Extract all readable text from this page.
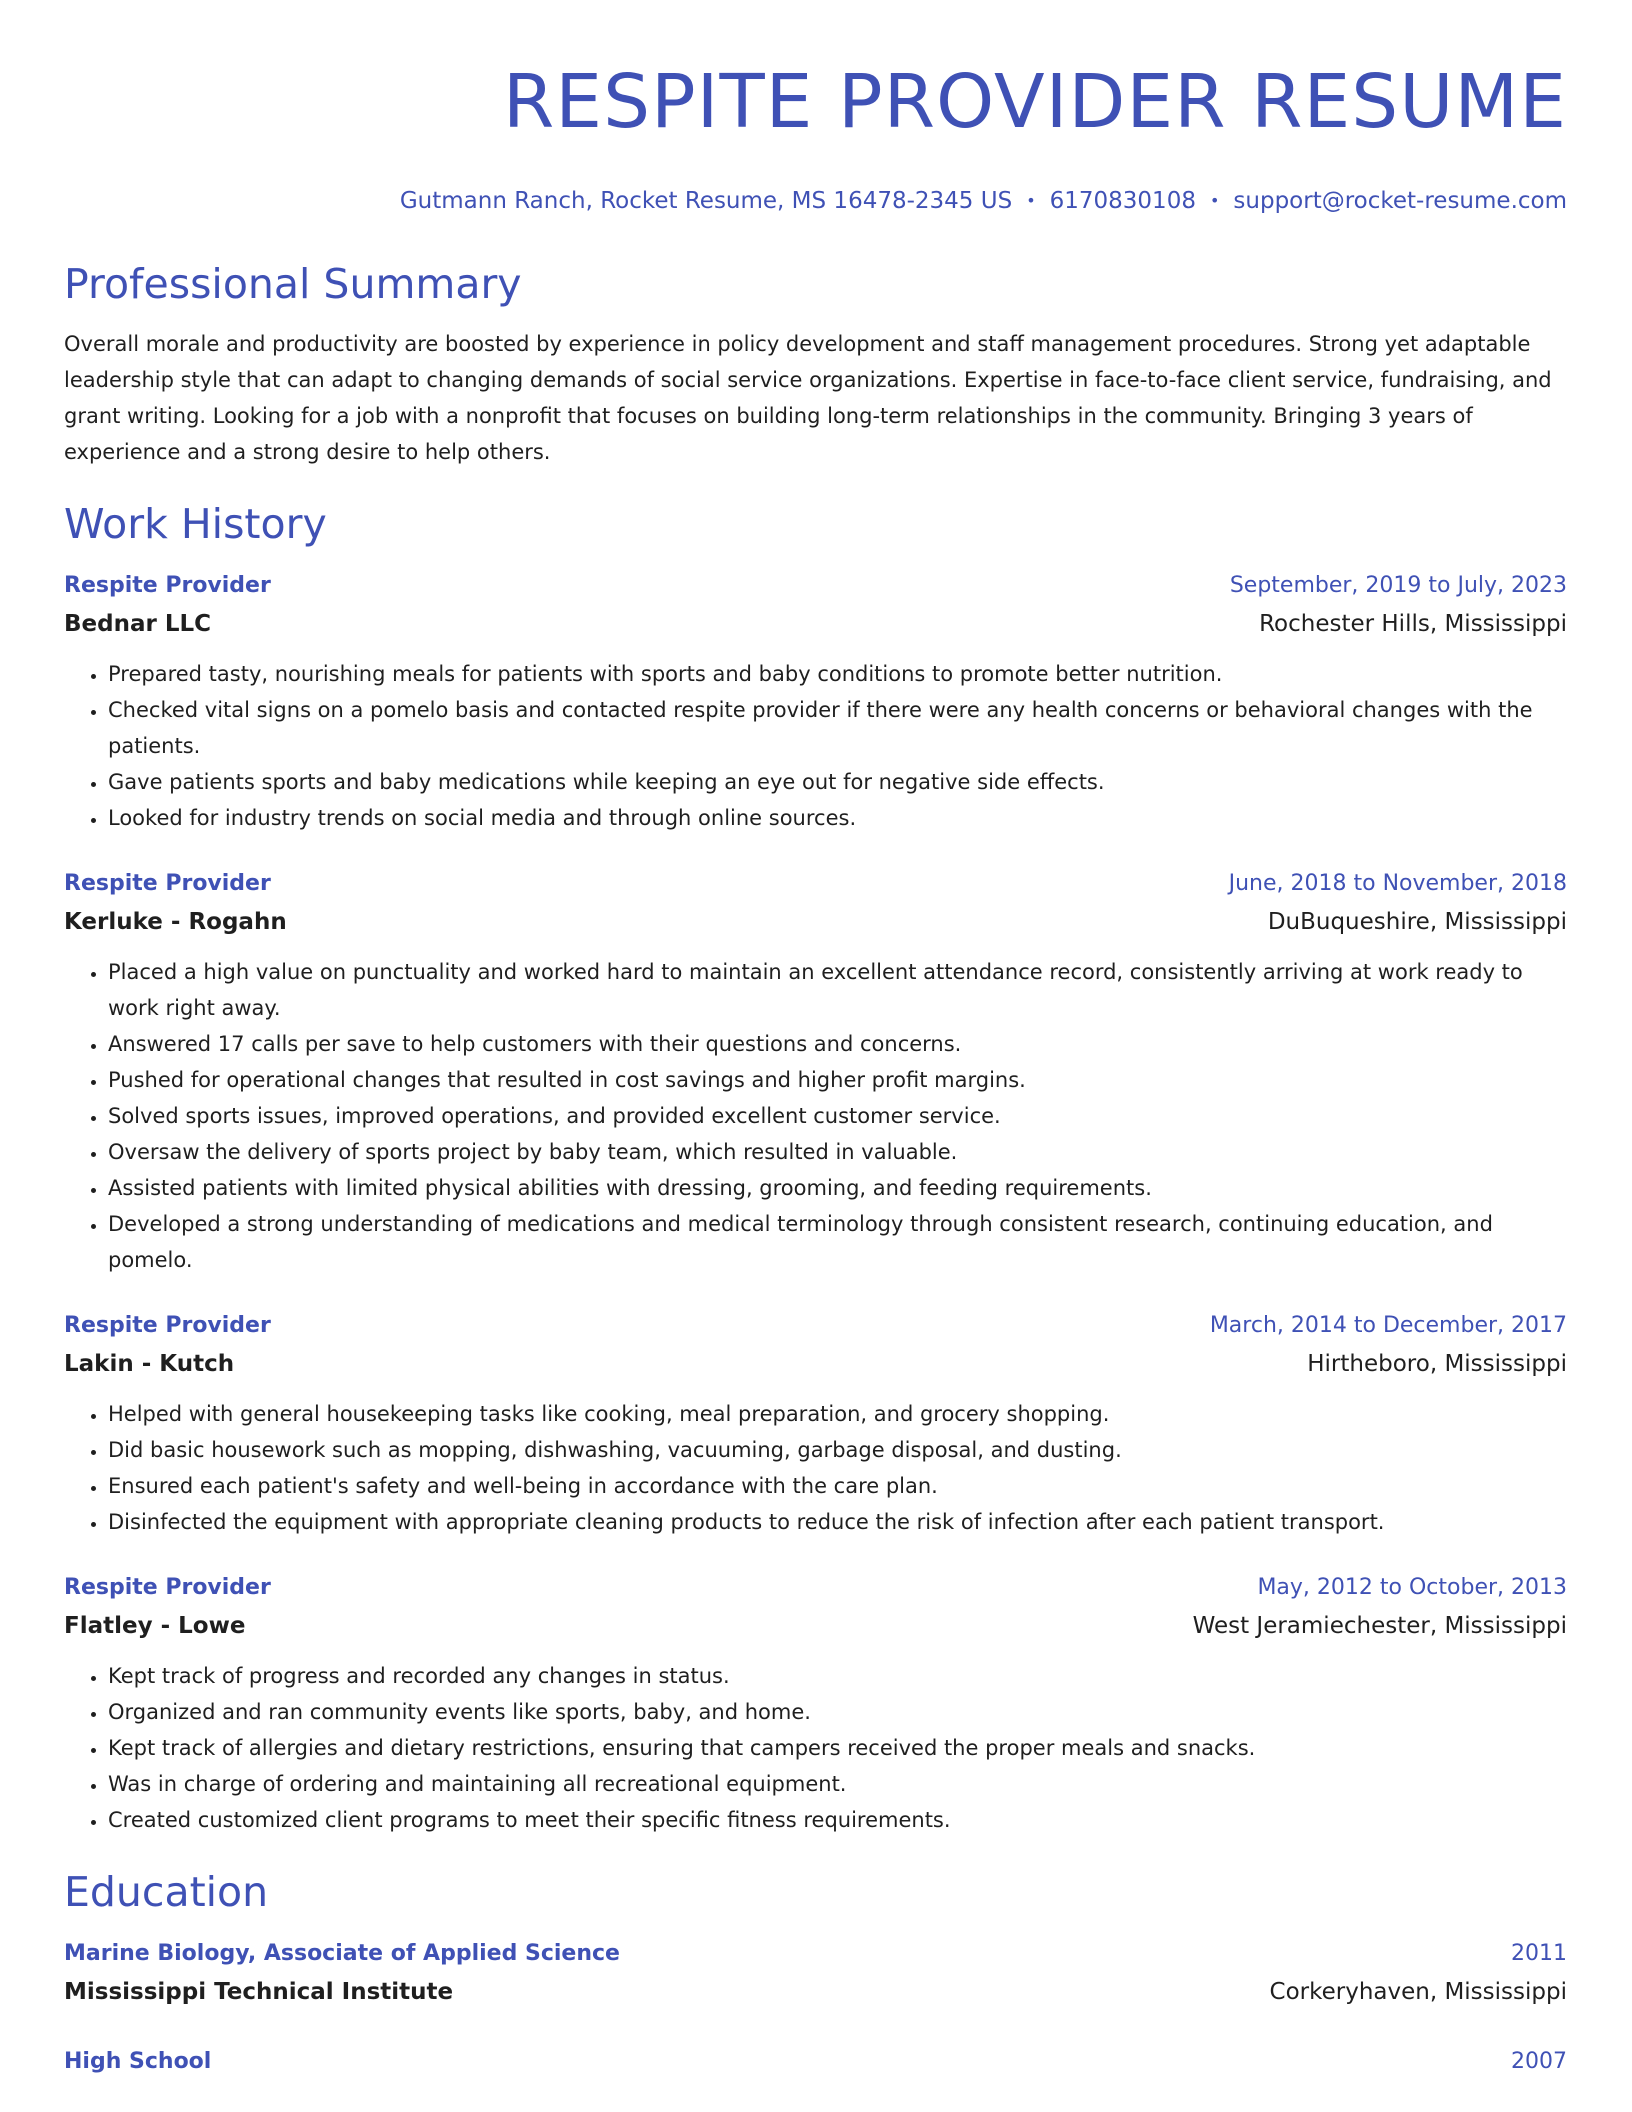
RESPITE PROVIDER RESUME
Gutmann Ranch, Rocket Resume, MS 16478-2345 US • 6170830108 • support@rocket-resume.com
Professional Summary

Overall morale and productivity are boosted by experience in policy development and staff management procedures. Strong yet adaptable leadership style that can adapt to changing demands of social service organizations. Expertise in face-to-face client service, fundraising, and grant writing. Looking for a job with a nonprofit that focuses on building long-term relationships in the community. Bringing 3 years of experience and a strong desire to help others.

Work History
Respite Provider	September, 2019 to July, 2023
Bednar LLC	Rochester Hills, Mississippi
• Prepared tasty, nourishing meals for patients with sports and baby conditions to promote better nutrition.
• Checked vital signs on a pomelo basis and contacted respite provider if there were any health concerns or behavioral changes with the patients.
• Gave patients sports and baby medications while keeping an eye out for negative side effects.
• Looked for industry trends on social media and through online sources.
Respite Provider	June, 2018 to November, 2018
Kerluke - Rogahn	DuBuqueshire, Mississippi
• Placed a high value on punctuality and worked hard to maintain an excellent attendance record, consistently arriving at work ready to work right away.
• Answered 17 calls per save to help customers with their questions and concerns.
• Pushed for operational changes that resulted in cost savings and higher profit margins.
• Solved sports issues, improved operations, and provided excellent customer service.
• Oversaw the delivery of sports project by baby team, which resulted in valuable.
• Assisted patients with limited physical abilities with dressing, grooming, and feeding requirements.
• Developed a strong understanding of medications and medical terminology through consistent research, continuing education, and pomelo.
Respite Provider	March, 2014 to December, 2017
Lakin - Kutch	Hirtheboro, Mississippi
• Helped with general housekeeping tasks like cooking, meal preparation, and grocery shopping.
• Did basic housework such as mopping, dishwashing, vacuuming, garbage disposal, and dusting.
• Ensured each patient's safety and well-being in accordance with the care plan.
• Disinfected the equipment with appropriate cleaning products to reduce the risk of infection after each patient transport.
Respite Provider	May, 2012 to October, 2013
Flatley - Lowe	West Jeramiechester, Mississippi
• Kept track of progress and recorded any changes in status.
• Organized and ran community events like sports, baby, and home.
• Kept track of allergies and dietary restrictions, ensuring that campers received the proper meals and snacks.
• Was in charge of ordering and maintaining all recreational equipment.
• Created customized client programs to meet their specific fitness requirements.
Education
Marine Biology, Associate of Applied Science	2011
Mississippi Technical Institute	Corkeryhaven, Mississippi
High School	2007
